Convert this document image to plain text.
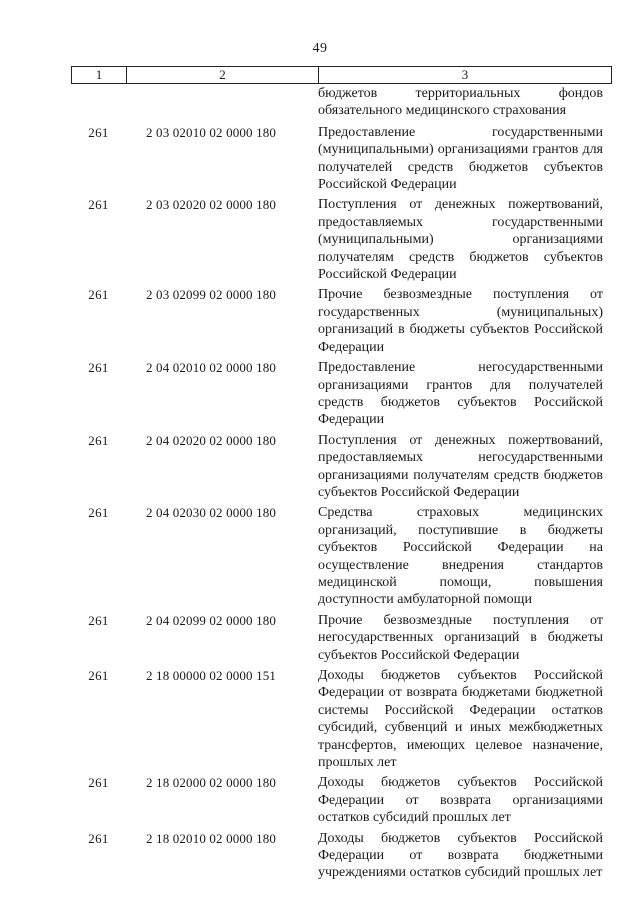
49
1	2	3
бюджетов территориальных фондов обязательного медицинского страхования
261	2 03 02010 02 0000 180	Предоставление государственными (муниципальными) организациями грантов для получателей средств бюджетов субъектов Российской Федерации
261	2 03 02020 02 0000 180	Поступления от денежных пожертвований, предоставляемых государственными (муниципальными) организациями получателям средств бюджетов субъектов Российской Федерации
261	2 03 02099 02 0000 180	Прочие безвозмездные поступления от государственных (муниципальных) организаций в бюджеты субъектов Российской Федерации
261	2 04 02010 02 0000 180	Предоставление негосударственными организациями грантов для получателей средств бюджетов субъектов Российской Федерации
261	2 04 02020 02 0000 180	Поступления от денежных пожертвований, предоставляемых негосударственными организациями получателям средств бюджетов субъектов Российской Федерации
261	2 04 02030 02 0000 180	Средства страховых медицинских организаций, поступившие в бюджеты субъектов Российской Федерации на осуществление внедрения стандартов медицинской помощи, повышения доступности амбулаторной помощи
261	2 04 02099 02 0000 180	Прочие безвозмездные поступления от негосударственных организаций в бюджеты субъектов Российской Федерации
261	2 18 00000 02 0000 151	Доходы бюджетов субъектов Российской Федерации от возврата бюджетами бюджетной системы Российской Федерации остатков субсидий, субвенций и иных межбюджетных трансфертов, имеющих целевое назначение, прошлых лет
261	2 18 02000 02 0000 180	Доходы бюджетов субъектов Российской Федерации от возврата организациями остатков субсидий прошлых лет
261	2 18 02010 02 0000 180	Доходы бюджетов субъектов Российской Федерации от возврата бюджетными учреждениями остатков субсидий прошлых лет
